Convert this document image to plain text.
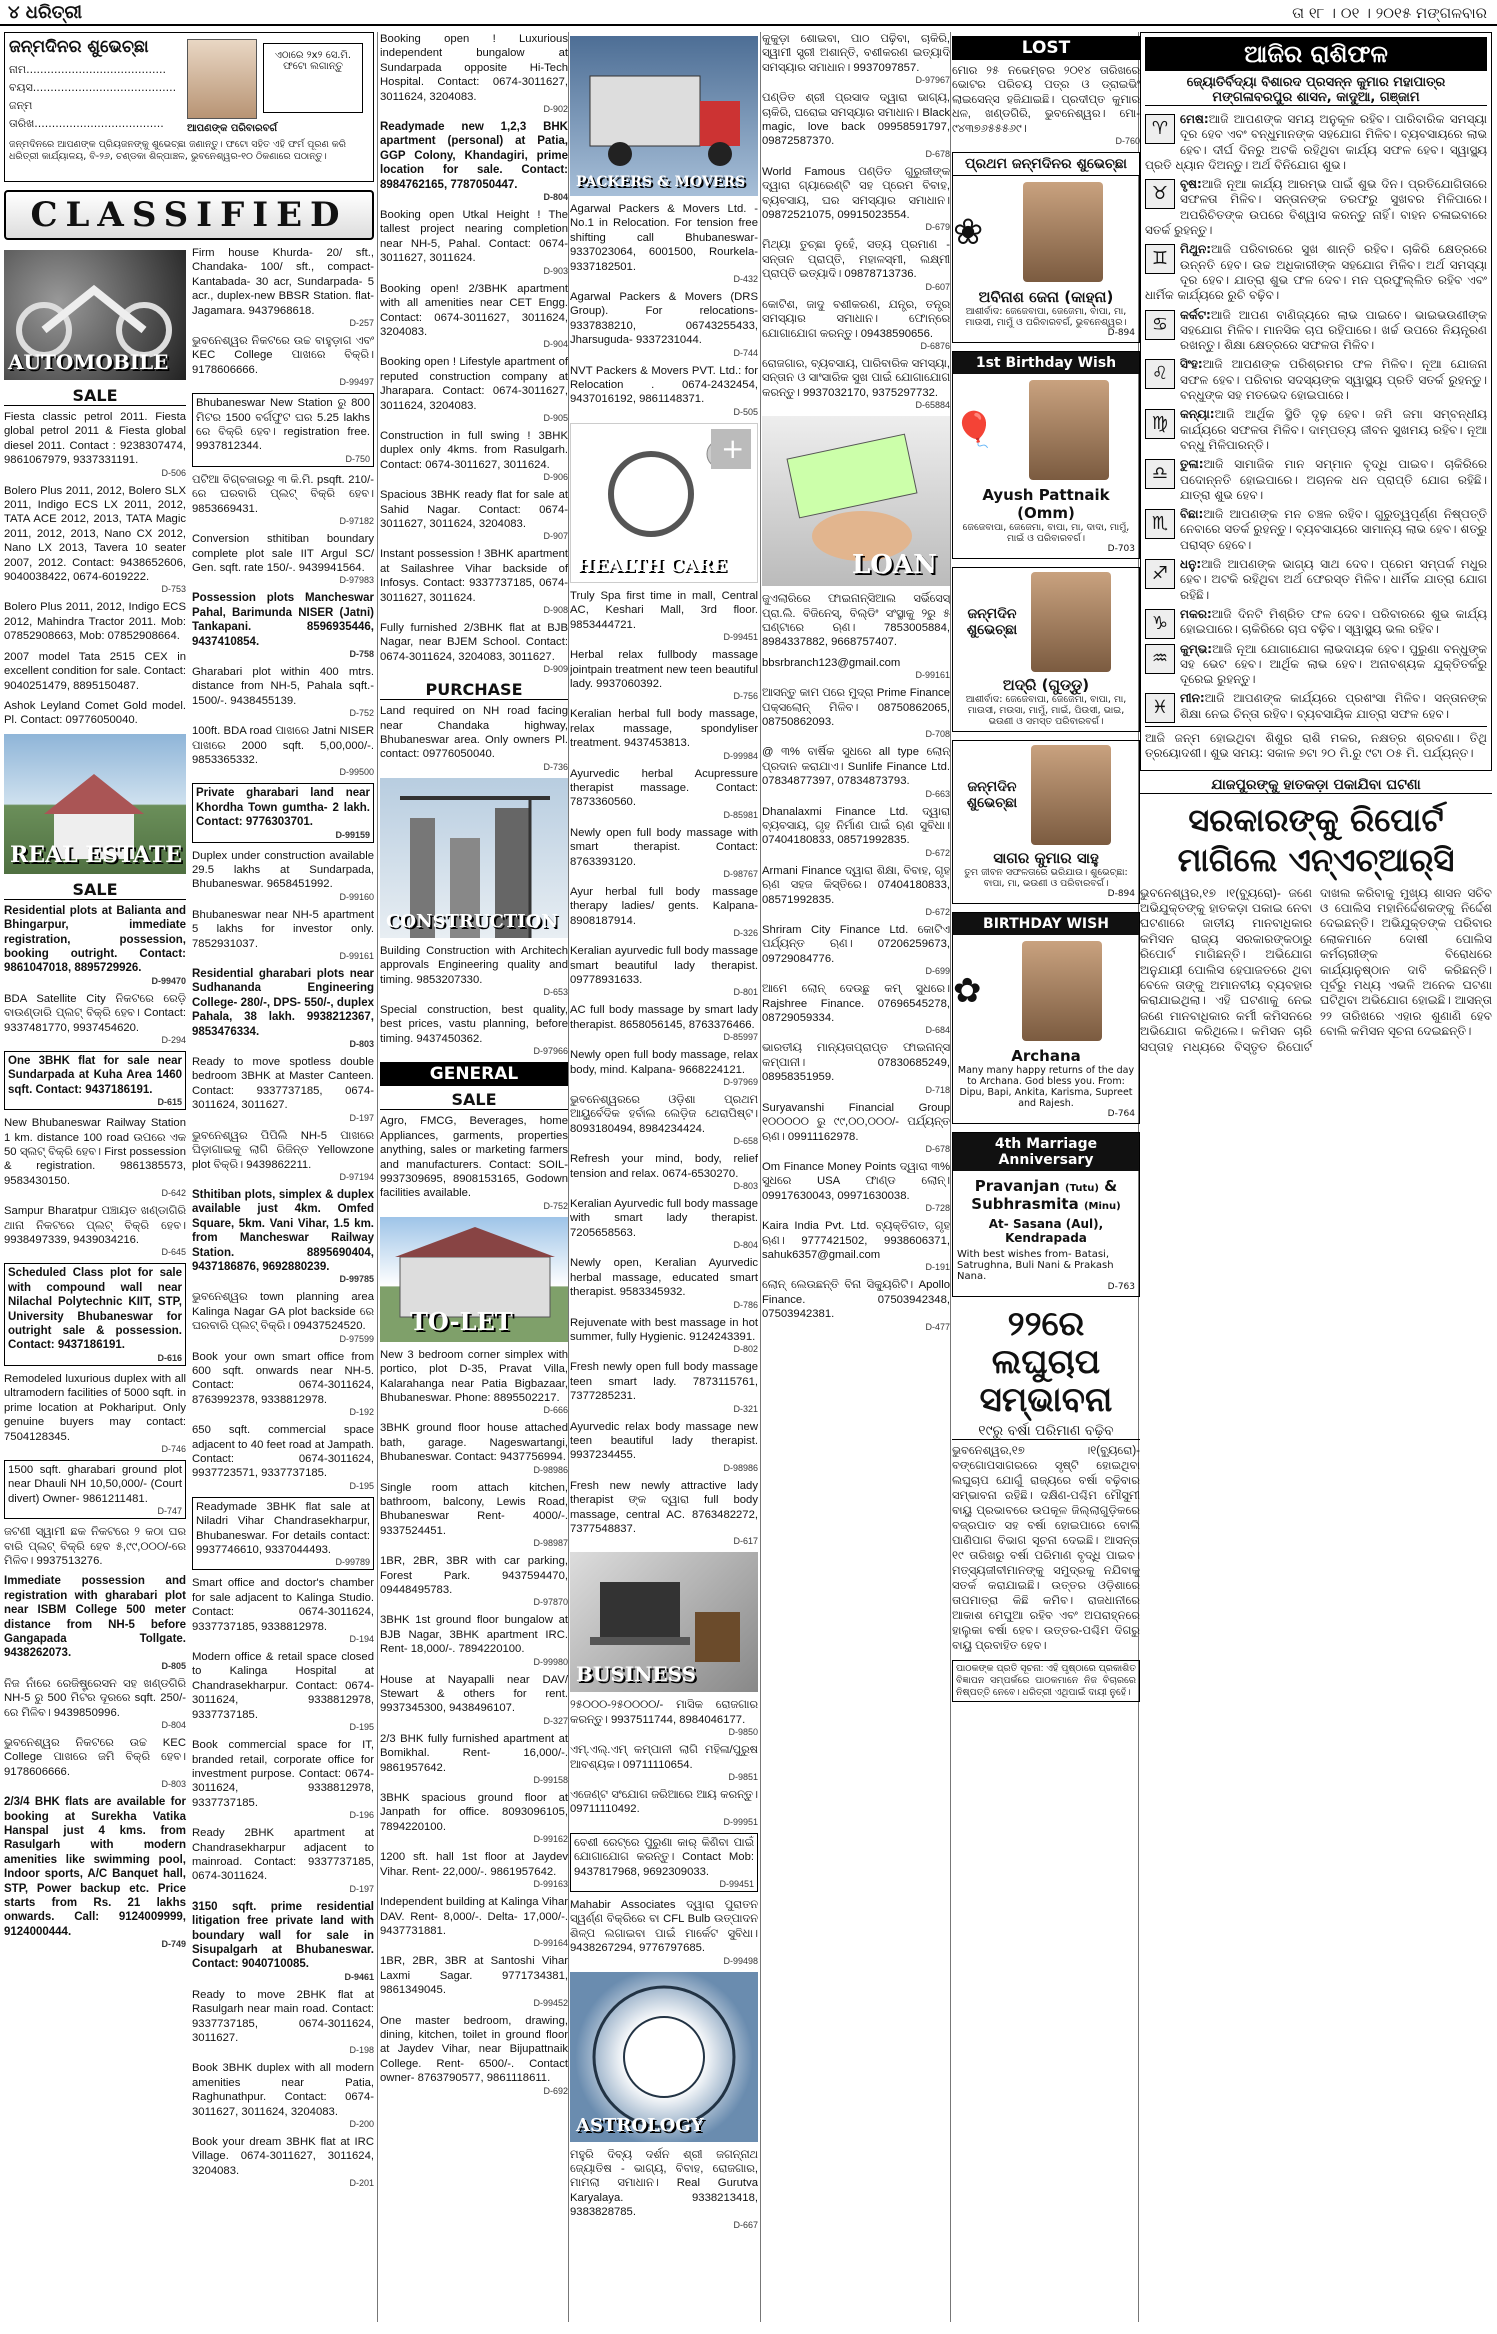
୪ ଧରିତ୍ରୀ	ତା ୧୮ । ୦୧ । ୨୦୧୫ ମଙ୍ଗଳବାର
ଜନ୍ମଦିନର ଶୁଭେଚ୍ଛା
ନାମ........................................
ବୟସ.........................................
ଜନ୍ମ ତାରିଖ.....................................
ଏଠାରେ ୨x୨ ସେ.ମି. ଫଟୋ ଲଗାନ୍ତୁ
ଆପଣଙ୍କ ପରିବାରବର୍ଗ
ଜନ୍ମଦିନରେ ଆପଣଙ୍କ ପ୍ରିୟଜନଙ୍କୁ ଶୁଭେଚ୍ଛା ଜଣାନ୍ତୁ। ଫଟୋ ସହିତ ଏହି ଫର୍ମ ପୂରଣ କରି ଧରିତ୍ରୀ କାର୍ଯ୍ୟାଳୟ, ବି-୨୬, ଚଣ୍ଡକା ଶିଳ୍ପାଞ୍ଚଳ, ଭୁବନେଶ୍ୱର-୧୦ ଠିକଣାରେ ପଠାନ୍ତୁ।
CLASSIFIED
AUTOMOBILE
SALE
Fiesta classic petrol 2011. Fiesta global petrol 2011 & Fiesta global diesel 2011. Contact : 9238307474, 9861067979, 9337331191.
D-506
Bolero Plus 2011, 2012, Bolero SLX 2011, Indigo ECS LX 2011, 2012, TATA ACE 2012, 2013, TATA Magic 2011, 2012, 2013, Nano CX 2012, Nano LX 2013, Tavera 10 seater 2007, 2012. Contact: 9438652606, 9040038422, 0674-6019222.
D-753
Bolero Plus 2011, 2012, Indigo ECS 2012, Mahindra Tractor 2011. Mob: 07852908663, Mob: 07852908664.
2007 model Tata 2515 CEX in excellent condition for sale. Contact: 9040251479, 8895150487.
Ashok Leyland Comet Gold model. Pl. Contact: 09776050040.
REAL ESTATE
SALE
Residential plots at Balianta and Bhingarpur, immediate registration, possession, booking outright. Contact: 9861047018, 8895729926.
D-99470
BDA Satellite City ନିକଟରେ ରେଡ଼ି ବାଉଣ୍ଡାରି ପ୍ଲଟ୍ ବିକ୍ରି ହେବ। Contact: 9337481770, 9937454620.
D-294
One 3BHK flat for sale near Sundarpada at Kuha Area 1460 sqft. Contact: 9437186191.
D-615
New Bhubaneswar Railway Station 1 km. distance 100 road ଉପରେ ଏକ 50 ସ୍ଲଟ୍ ବିକ୍ରି ହେବ। First possession & registration. 9861385573, 9583430150.
D-642
Sampur Bharatpur ପଞ୍ଚାୟତ ଖଣ୍ଡାଗିରି ଥାନା ନିକଟରେ ପ୍ଲଟ୍ ବିକ୍ରି ହେବ। 9938497339, 9439034216.
D-645
Scheduled Class plot for sale with compound wall near Nilachal Polytechnic KIIT, STP, University Bhubaneswar for outright sale & possession. Contact: 9437186191.
D-616
Remodeled luxurious duplex with all ultramodern facilities of 5000 sqft. in prime location at Pokhariput. Only genuine buyers may contact: 7504128345.
D-746
1500 sqft. gharabari ground plot near Dhauli NH 10,50,000/- (Court divert) Owner- 9861211481.
D-747
ଜଟଣୀ ସ୍ୱାମୀ ଛକ ନିକଟରେ ୨ କଠା ଘର ବାରି ପ୍ଲଟ୍ ବିକ୍ରି ହେବ ୫,୯୯,୦୦୦/-ରେ ମିଳିବ। 9937513276.
Immediate possession and registration with gharabari plot near ISBM College 500 meter distance from NH-5 before Gangapada Tollgate. 9438262073.
D-805
ନିଜ ନାଁରେ ରେଜିଷ୍ଟ୍ରେସନ ସହ ଖଣ୍ଡଗିରି NH-5 ରୁ 500 ମିଟର ଦୂରରେ sqft. 250/- ରେ ମିଳିବ। 9439850996.
D-804
ଭୁବନେଶ୍ୱର ନିକଟରେ ଉଚ୍ଚ KEC College ପାଖରେ ଜମି ବିକ୍ରି ହେବ। 9178606666.
D-803
2/3/4 BHK flats are available for booking at Surekha Vatika Hanspal just 4 kms. from Rasulgarh with modern amenities like swimming pool, Indoor sports, A/C Banquet hall, STP, Power backup etc. Price starts from Rs. 21 lakhs onwards. Call: 9124009999, 9124000444.
D-749
Firm house Khurda- 20/ sft., Chandaka- 100/ sft., compact- Kantabada- 30 acr, Sundarpada- 5 acr., duplex-new BBSR Station. flat- Jagamara. 9437968618.
D-257
ଭୁବନେଶ୍ୱର ନିକଟରେ ଉଚ୍ଚ ବାହୁଡ଼ାଗ ଏବଂ KEC College ପାଖରେ ବିକ୍ରି। 9178606666.
D-99497
Bhubaneswar New Station ରୁ 800 ମିଟର 1500 ବର୍ଗଫୁଟ ଘର 5.25 lakhs ରେ ବିକ୍ରି ହେବ। registration free. 9937812344.
D-750
ପଟିଆ ବିଗ୍‌ବଜାରରୁ ୩ କି.ମି. psqft. 210/- ରେ ଘରବାରି ପ୍ଲଟ୍ ବିକ୍ରି ହେବ। 9853669431.
D-97182
Conversion sthitiban boundary complete plot sale IIT Argul SC/ Gen. sqft. rate 150/-. 9439941564.
D-97983
Possession plots Mancheswar Pahal, Barimunda NISER (Jatni) Tankapani. 8596935446, 9437410854.
D-758
Gharabari plot within 400 mtrs. distance from NH-5, Pahala sqft.- 1500/-. 9438455139.
D-752
100ft. BDA road ପାଖରେ Jatni NISER ପାଖରେ 2000 sqft. 5,00,000/-. 9853365332.
D-99500
Private gharabari land near Khordha Town gumtha- 2 lakh. Contact: 9776303701.
D-99159
Duplex under construction available 29.5 lakhs at Sundarpada, Bhubaneswar. 9658451992.
D-99160
Bhubaneswar near NH-5 apartment 5 lakhs for investor only. 7852931037.
D-99161
Residential gharabari plots near Sudhananda Engineering College- 280/-, DPS- 550/-, duplex Pahala, 38 lakh. 9938212367, 9853476334.
D-803
Ready to move spotless double bedroom 3BHK at Master Canteen. Contact: 9337737185, 0674-3011624, 3011627.
D-197
ଭୁବନେଶ୍ୱର ପିପିଲି NH-5 ପାଖରେ ଘିଡ଼ାଗାଇକୁ ଲାଗି ରିଜିନ୍ତ Yellowzone plot ବିକ୍ରି। 9439862211.
D-97194
Sthitiban plots, simplex & duplex available just 4km. Omfed Square, 5km. Vani Vihar, 1.5 km. from Mancheswar Railway Station. 8895690404, 9437186876, 9692880239.
D-99785
ଭୁବନେଶ୍ୱର town planning area Kalinga Nagar GA plot backside ରେ ଘରବାରି ପ୍ଲଟ୍ ବିକ୍ରି। 09437524520.
D-97599
Book your own smart office from 600 sqft. onwards near NH-5. Contact: 0674-3011624, 8763992378, 9338812978.
D-192
650 sqft. commercial space adjacent to 40 feet road at Jampath. Contact: 0674-3011624, 9937723571, 9337737185.
D-195
Readymade 3BHK flat sale at Niladri Vihar Chandrasekharpur, Bhubaneswar. For details contact: 9937746610, 9337044493.
D-99789
Smart office and doctor's chamber for sale adjacent to Kalinga Studio. Contact: 0674-3011624, 9337737185, 9338812978.
D-194
Modern office & retail space closed to Kalinga Hospital at Chandrasekharpur. Contact: 0674-3011624, 9338812978, 9337737185.
D-195
Book commercial space for IT, branded retail, corporate office for investment purpose. Contact: 0674-3011624, 9338812978, 9337737185.
D-196
Ready 2BHK apartment at Chandrasekharpur adjacent to mainroad. Contact: 9337737185, 0674-3011624.
D-197
3150 sqft. prime residential litigation free private land with boundary wall for sale in Sisupalgarh at Bhubaneswar. Contact: 9040710085.
D-9461
Ready to move 2BHK flat at Rasulgarh near main road. Contact: 9337737185, 0674-3011624, 3011627.
D-198
Book 3BHK duplex with all modern amenities near Patia, Raghunathpur. Contact: 0674-3011627, 3011624, 3204083.
D-200
Book your dream 3BHK flat at IRC Village. 0674-3011627, 3011624, 3204083.
D-201
Booking open ! Luxurious independent bungalow at Sundarpada opposite Hi-Tech Hospital. Contact: 0674-3011627, 3011624, 3204083.
D-902
Readymade new 1,2,3 BHK apartment (personal) at Patia, GGP Colony, Khandagiri, prime location for sale. Contact: 8984762165, 7787050447.
D-804
Booking open Utkal Height ! The tallest project nearing completion near NH-5, Pahal. Contact: 0674-3011627, 3011624.
D-903
Booking open! 2/3BHK apartment with all amenities near CET Engg. Contact: 0674-3011627, 3011624, 3204083.
D-904
Booking open ! Lifestyle apartment of reputed construction company at Jharapara. Contact: 0674-3011627, 3011624, 3204083.
D-905
Construction in full swing ! 3BHK duplex only 4kms. from Rasulgarh. Contact: 0674-3011627, 3011624.
D-906
Spacious 3BHK ready flat for sale at Sahid Nagar. Contact: 0674-3011627, 3011624, 3204083.
D-907
Instant possession ! 3BHK apartment at Sailashree Vihar backside of Infosys. Contact: 9337737185, 0674-3011627, 3011624.
D-908
Fully furnished 2/3BHK flat at BJB Nagar, near BJEM School. Contact: 0674-3011624, 3204083, 3011627.
D-909
PURCHASE
Land required on NH road facing near Chandaka highway, Bhubaneswar area. Only owners Pl. contact: 09776050040.
D-736
CONSTRUCTION
Building Construction with Architech approvals Engineering quality and timing. 9853207330.
D-653
Special construction, best quality, best prices, vastu planning, before timing. 9437450362.
D-97966
GENERAL
SALE
Agro, FMCG, Beverages, home Appliances, garments, properties anything, sales or marketing farmers and manufacturers. Contact: SOIL- 9937309695, 8908153165, Godown facilities available.
D-752
TO-LET
New 3 bedroom corner simplex with portico, plot D-35, Pravat Villa, Kalarahanga near Patia Bigbazaar, Bhubaneswar. Phone: 8895502217.
D-666
3BHK ground floor house attached bath, garage. Nageswartangi, Bhubaneswar. Contact: 9437756994.
D-98986
Single room attach kitchen, bathroom, balcony, Lewis Road, Bhubaneswar Rent- 4000/-. 9337524451.
D-98987
1BR, 2BR, 3BR with car parking, Forest Park. 9437594470, 09448495783.
D-97870
3BHK 1st ground floor bungalow at BJB Nagar, 3BHK apartment IRC. Rent- 18,000/-. 7894220100.
D-99980
House at Nayapalli near DAV/ Stewart & others for rent. 9937345300, 9438496107.
D-327
2/3 BHK fully furnished apartment at Bomikhal. Rent- 16,000/-. 9861957642.
D-99158
3BHK spacious ground floor at Janpath for office. 8093096105, 7894220100.
D-99162
1200 sft. hall 1st floor at Jaydev Vihar. Rent- 22,000/-. 9861957642.
D-99163
Independent building at Kalinga Vihar DAV. Rent- 8,000/-. Delta- 17,000/-. 9437731881.
D-99164
1BR, 2BR, 3BR at Santoshi Vihar Laxmi Sagar. 9771734381, 9861349045.
D-99452
One master bedroom, drawing, dining, kitchen, toilet in ground floor at Jaydev Vihar, near Bijupattnaik College. Rent- 6500/-. Contact owner- 8763790577, 9861118611.
D-692
PACKERS & MOVERS
Agarwal Packers & Movers Ltd. - No.1 in Relocation. For tension free shifting call Bhubaneswar- 9337023064, 6001500, Rourkela- 9337182501.
D-432
Agarwal Packers & Movers (DRS Group). For relocations- 9337838210, 06743255433, Jharsuguda- 9337231044.
D-744
NVT Packers & Movers PVT. Ltd.: for Relocation . 0674-2432454, 9437016192, 9861148371.
D-505
+
HEALTH CARE
Truly Spa first time in mall, Central AC, Keshari Mall, 3rd floor. 9853444721.
D-99451
Herbal relax fullbody massage jointpain treatment new teen beautiful lady. 9937060392.
D-756
Keralian herbal full body massage, relax massage, spondyliser treatment. 9437453813.
D-99984
Ayurvedic herbal Acupressure therapist massage. Contact: 7873360560.
D-85981
Newly open full body massage with smart therapist. Contact: 8763393120.
D-98767
Ayur herbal full body massage therapy ladies/ gents. Kalpana- 8908187914.
D-326
Keralian ayurvedic full body massage smart beautiful lady therapist. 09778931633.
D-801
AC full body massage by smart lady therapist. 8658056145, 8763376466.
D-85997
Newly open full body massage, relax body, mind. Kalpana- 9668224121.
D-97969
ଭୁବନେଶ୍ୱରରେ ଓଡ଼ିଶା ପ୍ରଥମ ଆୟୁର୍ବେଦିକ ହର୍ବାଲ ଲେଡ଼ିଜ ଥେରାପିଷ୍ଟ। 8093180494, 8984234424.
D-658
Refresh your mind, body, relief tension and relax. 0674-6530270.
D-803
Keralian Ayurvedic full body massage with smart lady therapist. 7205658563.
D-804
Newly open, Keralian Ayurvedic herbal massage, educated smart therapist. 9583345932.
D-786
Rejuvenate with best massage in hot summer, fully Hygienic. 9124243391.
D-802
Fresh newly open full body massage teen smart lady. 7873115761, 7377285231.
D-321
Ayurvedic relax body massage new teen beautiful lady therapist. 9937234455.
D-98986
Fresh new newly attractive lady therapist ଙ୍କ ଦ୍ୱାରା full body massage, central AC. 8763482272, 7377548837.
D-617
BUSINESS
୨୫୦୦୦-୨୫୦୦୦୦/- ମାସିକ ରୋଜଗାର କରନ୍ତୁ। 9937511744, 8984046177.
D-9850
ଏମ୍‌.ଏଲ୍‌.ଏମ୍‌ କମ୍ପାନୀ ଲାଗି ମହିଳା/ପୁରୁଷ ଆବଶ୍ୟକ। 09711110654.
D-9851
ଏଜେଣ୍ଟ ସଂଯୋଗ ଜରିଆରେ ଆୟ କରନ୍ତୁ। 09711110492.
D-99951
ବେଶୀ ରେଟ୍‌ରେ ପୁରୁଣା କାର୍ କିଣିବା ପାଇଁ ଯୋଗାଯୋଗ କରନ୍ତୁ। Contact Mob: 9437817968, 9692309033.
D-99451
Mahabir Associates ଦ୍ୱାରା ପୁରାତନ ସ୍ୱର୍ଣ୍ଣ ବିକ୍ରିରେ ବା CFL Bulb ଉତ୍ପାଦନ ଶିଳ୍ପ ଲଗାଇବା ପାଇଁ ମାର୍କେଟ ସୁବିଧା। 9438267294, 9776797685.
D-99498
ASTROLOGY
ମହୁରି ଦିବ୍ୟ ଦର୍ଶନ ଶ୍ରୀ ଜଗନ୍ନାଥ ଜ୍ୟୋତିଷ - ଭାଗ୍ୟ, ବିବାହ, ରୋଜଗାର, ମାମଲା ସମାଧାନ। Real Gurutva Karyalaya. 9338213418, 9383828785.
D-667
କୁକୁଡ଼ା ଶୋଇବା, ପାଠ ପଢ଼ିବା, ଚାକିରି, ସ୍ୱାମୀ ସ୍ତ୍ରୀ ଅଶାନ୍ତି, ବଶୀକରଣ ଇତ୍ୟାଦି ସମସ୍ୟାର ସମାଧାନ। 9937097857.
D-97967
ପଣ୍ଡିତ ଶ୍ରୀ ପ୍ରସାଦ ଦ୍ୱାରା ଭାଗ୍ୟ, ଚାକିରି, ଘରୋଇ ସମସ୍ୟାର ସମାଧାନ। Black magic, love back 09958591797, 09872587370.
D-678
World Famous ପଣ୍ଡିତ ଗୁରୁଜୀଙ୍କ ଦ୍ୱାରା ଗ୍ୟାରେଣ୍ଟି ସହ ପ୍ରେମ ବିବାହ, ବ୍ୟବସାୟ, ଘର ସମସ୍ୟାର ସମାଧାନ। 09872521075, 09915023554.
D-679
ମିଥ୍ୟା ତୁଚ୍ଛା ନୁହେଁ, ସତ୍ୟ ପ୍ରମାଣ - ସନ୍ତାନ ପ୍ରାପ୍ତି, ମହାଳସ୍ମୀ, ଲକ୍ଷ୍ମୀ ପ୍ରାପ୍ତି ଇତ୍ୟାଦି। 09878713736.
D-607
କୋଟିଶ, ଜାଦୁ ବଶୀକରଣ, ଯନ୍ତ୍ର, ତନ୍ତ୍ର ସମସ୍ୟାର ସମାଧାନ। ଫୋନ୍‌ରେ ଯୋଗାଯୋଗ କରନ୍ତୁ। 09438590656.
D-6876
ରୋଜଗାର, ବ୍ୟବସାୟ, ପାରିବାରିକ ସମସ୍ୟା, ସନ୍ତାନ ଓ ସାଂସାରିକ ସୁଖ ପାଇଁ ଯୋଗାଯୋଗ କରନ୍ତୁ। 9937032170, 9375297732.
D-65884
LOAN
ଜୁଏଲାରିରେ ଫାଇନାନ୍ସିଆଲ ସର୍ଭିସେସ୍ ପ୍ରା.ଲି. ବିଜିନେସ୍, ବିଲ୍ଡିଂ ସଂସ୍ଥାକୁ ୨ରୁ ୫ ଘଣ୍ଟାରେ ଋଣ। 7853005884, 8984337882, 9668757407.
bbsrbranch123@gmail.com
D-99161
ଆସନ୍ତୁ କାମ ପରେ ମୁଦ୍ରା Prime Finance ପକ୍ସଲୋନ୍ ମିଳିବ। 08750862065, 08750862093.
D-708
@ ୩% ବାର୍ଷିକ ସୁଧରେ all type ଲୋନ୍‌ ପ୍ରଦାନ କରାଯାଏ। Sunlife Finance Ltd. 07834877397, 07834873793.
D-663
Dhanalaxmi Finance Ltd. ଦ୍ୱାରା ବ୍ୟବସାୟ, ଗୃହ ନିର୍ମାଣ ପାଇଁ ଋଣ ସୁବିଧା। 07404180833, 08571992835.
D-672
Armani Finance ଦ୍ୱାରା ଶିକ୍ଷା, ବିବାହ, ଗୃହ ଋଣ ସହଜ କିସ୍ତିରେ। 07404180833, 08571992835.
D-672
Shriram City Finance Ltd. କୋଟିଏ ପର୍ଯ୍ୟନ୍ତ ଋଣ। 07206259673, 09729084776.
D-699
ଆମେ ଲୋନ୍‌ ଦେଉଛୁ କମ୍ ସୁଧରେ। Rajshree Finance. 07696545278, 08729059334.
D-684
ଭାରତୀୟ ମାନ୍ୟତାପ୍ରାପ୍ତ ଫାଇନାନ୍ସ କମ୍ପାନୀ। 07830685249, 08958351959.
D-718
Suryavanshi Financial Group ୧୦୦୦୦୦ ରୁ ୯୯,୦୦,୦୦୦/- ପର୍ଯ୍ୟନ୍ତ ଋଣ। 09911162978.
D-678
Om Finance Money Points ଦ୍ୱାରା ୩% ସୁଧରେ USA ଫାଣ୍ଡ ଲୋନ୍‌। 09917630043, 09971630038.
D-728
Kaira India Pvt. Ltd. ବ୍ୟକ୍ତିଗତ, ଗୃହ ଋଣ। 9777421502, 9938606371, sahuk6357@gmail.com
D-191
ଲୋନ୍‌ ଲେଉଛନ୍ତି ବିନା ସିକ୍ୟୁରିଟି। Apollo Finance. 07503942348, 07503942381.
D-477
LOST
ମୋର ୨୫ ନଭେମ୍ବର ୨୦୧୪ ତାରିଖରେ ଭୋଟର ପରିଚୟ ପତ୍ର ଓ ଡ୍ରାଇଭିଂ ଲାଇସେନ୍ସ ହଜିଯାଇଛି। ପ୍ରଦୀପ୍ତ କୁମାର ଧଳ, ଖଣ୍ଡଗିରି, ଭୁବନେଶ୍ୱର। ମୋ- ୯୪୩୭୬୫୫୫୬୯।
D-760
ପ୍ରଥମ ଜନ୍ମଦିନର ଶୁଭେଚ୍ଛା
❀
ଅବିନାଶ ଜେନା (କାହ୍ନା)
ଆଶୀର୍ବାଦ: ଜେଜେବାପା, ଜେଜେମା, ବାପା, ମା, ମାଉସୀ, ମାମୁଁ ଓ ପରିବାରବର୍ଗ, ଭୁବନେଶ୍ୱର।
D-894
1st Birthday Wish
🎈
Ayush Pattnaik (Omm)
ଜେଜେବାପା, ଜେଜେମା, ବାପା, ମା, ଦାଦା, ମାମୁଁ, ମାଇଁ ଓ ପରିବାରବର୍ଗ।
D-703
ଜନ୍ମଦିନ ଶୁଭେଚ୍ଛା
ଅଦ୍ରି (ଗୁଡ୍ଡୁ)
ଆଶୀର୍ବାଦ: ଜେଜେବାପା, ଜେଜେମା, ବାପା, ମା, ମାଉସୀ, ମଉସା, ମାମୁଁ, ମାଇଁ, ପିଉସୀ, ଭାଇ, ଭଉଣୀ ଓ ସମସ୍ତ ପରିବାରବର୍ଗ।
ଜନ୍ମଦିନ ଶୁଭେଚ୍ଛା
ସାଗର କୁମାର ସାହୁ
ତୁମ ଜୀବନ ସଫଳତାରେ ଭରିଯାଉ। ଶୁଭେଚ୍ଛା: ବାପା, ମା, ଭଉଣୀ ଓ ପରିବାରବର୍ଗ।
D-894
BIRTHDAY WISH
✿
Archana
Many many happy returns of the day to Archana. God bless you. From: Dipu, Bapi, Ankita, Karisma, Supreet and Rajesh.
D-764
4th Marriage Anniversary
Pravanjan (Tutu) &
Subhrasmita (Minu)
At- Sasana (Aul), Kendrapada
With best wishes from- Batasi, Satrughna, Buli Nani & Prakash Nana.
D-763
୨୨ରେ ଲଘୁଚାପ ସମ୍ଭାବନା
୧୯ରୁ ବର୍ଷା ପରିମାଣ ବଢ଼ିବ
ଭୁବନେଶ୍ୱର,୧୭ ।୧(ବ୍ୟୁରୋ)- ବଙ୍ଗୋପସାଗରରେ ସୃଷ୍ଟି ହୋଇଥିବା ଲଘୁଚାପ ଯୋଗୁଁ ରାଜ୍ୟରେ ବର୍ଷା ବଢ଼ିବାର ସମ୍ଭାବନା ରହିଛି। ଦକ୍ଷିଣ-ପଶ୍ଚିମ ମୌସୁମୀ ବାୟୁ ପ୍ରଭାବରେ ଉପକୂଳ ଜିଲ୍ଲାଗୁଡ଼ିକରେ ବଜ୍ରପାତ ସହ ବର୍ଷା ହୋଇପାରେ ବୋଲି ପାଣିପାଗ ବିଭାଗ ସୂଚନା ଦେଇଛି। ଆସନ୍ତା ୧୯ ତାରିଖରୁ ବର୍ଷା ପରିମାଣ ବୃଦ୍ଧି ପାଇବ। ମତ୍ସ୍ୟଜୀବୀମାନଙ୍କୁ ସମୁଦ୍ରକୁ ନଯିବାକୁ ସତର୍କ କରାଯାଇଛି। ଉତ୍ତର ଓଡ଼ିଶାରେ ତାପମାତ୍ରା କିଛି କମିବ। ରାଜଧାନୀରେ ଆକାଶ ମେଘୁଆ ରହିବ ଏବଂ ଅପରାହ୍ନରେ ହାଲୁକା ବର୍ଷା ହେବ। ଉତ୍ତର-ପଶ୍ଚିମ ଦିଗରୁ ବାୟୁ ପ୍ରବାହିତ ହେବ।
ପାଠକଙ୍କ ପ୍ରତି ସୂଚନା: ଏହି ପୃଷ୍ଠାରେ ପ୍ରକାଶିତ ବିଜ୍ଞାପନ ସମ୍ପର୍କରେ ପାଠକମାନେ ନିଜ ବିଚାରରେ ନିଷ୍ପତ୍ତି ନେବେ। ଧରିତ୍ରୀ ଏଥିପାଇଁ ଦାୟୀ ନୁହେଁ।
ଆଜିର ରାଶିଫଳ
ଜ୍ୟୋତିର୍ବିଦ୍ୟା ବିଶାରଦ ପ୍ରସନ୍ନ କୁମାର ମହାପାତ୍ର
ମଙ୍ଗଳାବରପୁର ଶାସନ, କାଦୁଆ, ଗଞ୍ଜାମ

♈ ମେଷ:ଆଜି ଆପଣଙ୍କ ସମୟ ଅନୁକୂଳ ରହିବ। ପାରିବାରିକ ସମସ୍ୟା ଦୂର ହେବ ଏବଂ ବନ୍ଧୁମାନଙ୍କ ସହଯୋଗ ମିଳିବ। ବ୍ୟବସାୟରେ ଲାଭ ହେବ। ଦୀର୍ଘ ଦିନରୁ ଅଟକି ରହିଥିବା କାର୍ଯ୍ୟ ସଫଳ ହେବ। ସ୍ୱାସ୍ଥ୍ୟ ପ୍ରତି ଧ୍ୟାନ ଦିଅନ୍ତୁ। ଅର୍ଥ ବିନିଯୋଗ ଶୁଭ।

♉ ବୃଷ:ଆଜି ନୂଆ କାର୍ଯ୍ୟ ଆରମ୍ଭ ପାଇଁ ଶୁଭ ଦିନ। ପ୍ରତିଯୋଗିତାରେ ସଫଳତା ମିଳିବ। ସନ୍ତାନଙ୍କ ତରଫରୁ ସୁଖବର ମିଳିପାରେ। ଅପରିଚିତଙ୍କ ଉପରେ ବିଶ୍ୱାସ କରନ୍ତୁ ନାହିଁ। ବାହନ ଚଳାଇବାରେ ସତର୍କ ରୁହନ୍ତୁ।

♊ ମିଥୁନ:ଆଜି ପରିବାରରେ ସୁଖ ଶାନ୍ତି ରହିବ। ଚାକିରି କ୍ଷେତ୍ରରେ ଉନ୍ନତି ହେବ। ଉଚ୍ଚ ଅଧିକାରୀଙ୍କ ସହଯୋଗ ମିଳିବ। ଅର୍ଥ ସମସ୍ୟା ଦୂର ହେବ। ଯାତ୍ରା ଶୁଭ ଫଳ ଦେବ। ମନ ପ୍ରଫୁଲ୍ଲିତ ରହିବ ଏବଂ ଧାର୍ମିକ କାର୍ଯ୍ୟରେ ରୁଚି ବଢ଼ିବ।

♋ କର୍କଟ:ଆଜି ଆପଣ ବାଣିଜ୍ୟରେ ଲାଭ ପାଇବେ। ଭାଇଭଉଣୀଙ୍କ ସହଯୋଗ ମିଳିବ। ମାନସିକ ଚାପ ରହିପାରେ। ଖର୍ଚ୍ଚ ଉପରେ ନିୟନ୍ତ୍ରଣ ରଖନ୍ତୁ। ଶିକ୍ଷା କ୍ଷେତ୍ରରେ ସଫଳତା ମିଳିବ।

♌ ସିଂହ:ଆଜି ଆପଣଙ୍କ ପରିଶ୍ରମର ଫଳ ମିଳିବ। ନୂଆ ଯୋଜନା ସଫଳ ହେବ। ପରିବାର ସଦସ୍ୟଙ୍କ ସ୍ୱାସ୍ଥ୍ୟ ପ୍ରତି ସତର୍କ ରୁହନ୍ତୁ। ବନ୍ଧୁଙ୍କ ସହ ମତଭେଦ ହୋଇପାରେ।

♍ କନ୍ୟା:ଆଜି ଆର୍ଥିକ ସ୍ଥିତି ଦୃଢ଼ ହେବ। ଜମି ଜମା ସମ୍ବନ୍ଧୀୟ କାର୍ଯ୍ୟରେ ସଫଳତା ମିଳିବ। ଦାମ୍ପତ୍ୟ ଜୀବନ ସୁଖମୟ ରହିବ। ନୂଆ ବନ୍ଧୁ ମିଳିପାରନ୍ତି।

♎ ତୁଳା:ଆଜି ସାମାଜିକ ମାନ ସମ୍ମାନ ବୃଦ୍ଧି ପାଇବ। ଚାକିରିରେ ପଦୋନ୍ନତି ହୋଇପାରେ। ଅଚାନକ ଧନ ପ୍ରାପ୍ତି ଯୋଗ ରହିଛି। ଯାତ୍ରା ଶୁଭ ହେବ।

♏ ବିଛା:ଆଜି ଆପଣଙ୍କ ମନ ଚଞ୍ଚଳ ରହିବ। ଗୁରୁତ୍ୱପୂର୍ଣ୍ଣ ନିଷ୍ପତ୍ତି ନେବାରେ ସତର୍କ ରୁହନ୍ତୁ। ବ୍ୟବସାୟରେ ସାମାନ୍ୟ ଲାଭ ହେବ। ଶତ୍ରୁ ପରାସ୍ତ ହେବେ।

♐ ଧନୁ:ଆଜି ଆପଣଙ୍କ ଭାଗ୍ୟ ସାଥ ଦେବ। ପ୍ରେମ ସମ୍ପର୍କ ମଧୁର ହେବ। ଅଟକି ରହିଥିବା ଅର୍ଥ ଫେରସ୍ତ ମିଳିବ। ଧାର୍ମିକ ଯାତ୍ରା ଯୋଗ ରହିଛି।

♑ ମକର:ଆଜି ଦିନଟି ମିଶ୍ରିତ ଫଳ ଦେବ। ପରିବାରରେ ଶୁଭ କାର୍ଯ୍ୟ ହୋଇପାରେ। ଚାକିରିରେ ଚାପ ବଢ଼ିବ। ସ୍ୱାସ୍ଥ୍ୟ ଭଲ ରହିବ।

♒ କୁମ୍ଭ:ଆଜି ନୂଆ ଯୋଗାଯୋଗ ଲାଭଦାୟକ ହେବ। ପୁରୁଣା ବନ୍ଧୁଙ୍କ ସହ ଭେଟ ହେବ। ଆର୍ଥିକ ଲାଭ ହେବ। ଅନାବଶ୍ୟକ ଯୁକ୍ତିତର୍କରୁ ଦୂରେଇ ରୁହନ୍ତୁ।

♓ ମୀନ:ଆଜି ଆପଣଙ୍କ କାର୍ଯ୍ୟରେ ପ୍ରଶଂସା ମିଳିବ। ସନ୍ତାନଙ୍କ ଶିକ୍ଷା ନେଇ ଚିନ୍ତା ରହିବ। ବ୍ୟବସାୟିକ ଯାତ୍ରା ସଫଳ ହେବ।

ଆଜି ଜନ୍ମ ହୋଇଥିବା ଶିଶୁର ରାଶି ମକର, ନକ୍ଷତ୍ର ଶ୍ରବଣା। ତିଥି ତ୍ରୟୋଦଶୀ। ଶୁଭ ସମୟ: ସକାଳ ୭ଟା ୨୦ ମି.ରୁ ୯ଟା ୦୫ ମି. ପର୍ଯ୍ୟନ୍ତ।

ଯାଜପୁରଙ୍କୁ ହାତକଡ଼ା ପକାଯିବା ଘଟଣା
ସରକାରଙ୍କୁ ରିପୋର୍ଟ ମାଗିଲେ ଏନ୍‌ଏଚ୍‌ଆର୍‌ସି
ଭୁବନେଶ୍ୱର,୧୭ ।୧(ବ୍ୟୁରୋ)- ଜଣେ ଅଭିଯୁକ୍ତଙ୍କୁ ହାତକଡ଼ା ପକାଇ ନେବା ଘଟଣାରେ ଜାତୀୟ ମାନବାଧିକାର କମିସନ ରାଜ୍ୟ ସରକାରଙ୍କଠାରୁ ରିପୋର୍ଟ ମାଗିଛନ୍ତି। ଅଭିଯୋଗ ଅନୁଯାୟୀ ପୋଲିସ ହେପାଜତରେ ଥିବା ବେଳେ ତାଙ୍କୁ ଅମାନବୀୟ ବ୍ୟବହାର କରାଯାଇଥିଲା। ଏହି ଘଟଣାକୁ ନେଇ ଜଣେ ମାନବାଧିକାର କର୍ମୀ କମିସନରେ ଅଭିଯୋଗ କରିଥିଲେ। କମିସନ ଚାରି ସପ୍ତାହ ମଧ୍ୟରେ ବିସ୍ତୃତ ରିପୋର୍ଟ ଦାଖଲ କରିବାକୁ ମୁଖ୍ୟ ଶାସନ ସଚିବ ଓ ପୋଲିସ ମହାନିର୍ଦ୍ଦେଶକଙ୍କୁ ନିର୍ଦ୍ଦେଶ ଦେଇଛନ୍ତି। ଅଭିଯୁକ୍ତଙ୍କ ପରିବାର ଲୋକମାନେ ଦୋଷୀ ପୋଲିସ କର୍ମଚାରୀଙ୍କ ବିରୋଧରେ କାର୍ଯ୍ୟାନୁଷ୍ଠାନ ଦାବି କରିଛନ୍ତି। ପୂର୍ବରୁ ମଧ୍ୟ ଏଭଳି ଅନେକ ଘଟଣା ଘଟିଥିବା ଅଭିଯୋଗ ହୋଇଛି। ଆସନ୍ତା ୨୨ ତାରିଖରେ ଏହାର ଶୁଣାଣି ହେବ ବୋଲି କମିସନ ସୂଚନା ଦେଇଛନ୍ତି।
